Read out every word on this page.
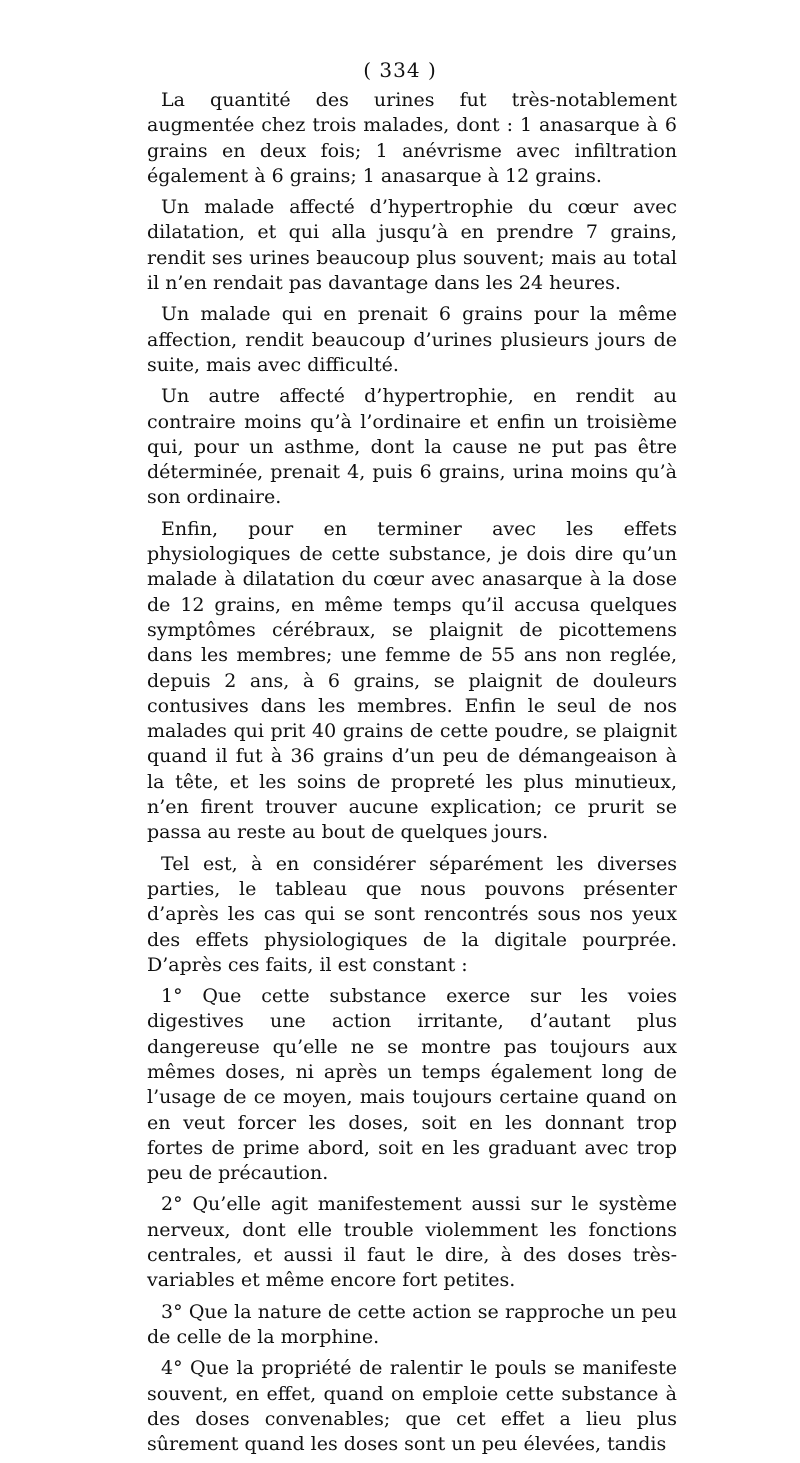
( 334 )

La quantité des urines fut très-notablement augmentée chez trois malades, dont : 1 anasarque à 6 grains en deux fois; 1 anévrisme avec infiltration également à 6 grains; 1 anasarque à 12 grains.

Un malade affecté d’hypertrophie du cœur avec dilatation, et qui alla jusqu’à en prendre 7 grains, rendit ses urines beaucoup plus souvent; mais au total il n’en rendait pas davantage dans les 24 heures.

Un malade qui en prenait 6 grains pour la même affection, rendit beaucoup d’urines plusieurs jours de suite, mais avec difficulté.

Un autre affecté d’hypertrophie, en rendit au contraire moins qu’à l’ordinaire et enfin un troisième qui, pour un asthme, dont la cause ne put pas être déterminée, prenait 4, puis 6 grains, urina moins qu’à son ordinaire.

Enfin, pour en terminer avec les effets physiologiques de cette substance, je dois dire qu’un malade à dilatation du cœur avec anasarque à la dose de 12 grains, en même temps qu’il accusa quelques symptômes cérébraux, se plaignit de picottemens dans les membres; une femme de 55 ans non reglée, depuis 2 ans, à 6 grains, se plaignit de douleurs contusives dans les membres. Enfin le seul de nos malades qui prit 40 grains de cette poudre, se plaignit quand il fut à 36 grains d’un peu de démangeaison à la tête, et les soins de propreté les plus minutieux, n’en firent trouver aucune explication; ce prurit se passa au reste au bout de quelques jours.

Tel est, à en considérer séparément les diverses parties, le tableau que nous pouvons présenter d’après les cas qui se sont rencontrés sous nos yeux des effets physiologiques de la digitale pourprée. D’après ces faits, il est constant :

1° Que cette substance exerce sur les voies digestives une action irritante, d’autant plus dangereuse qu’elle ne se montre pas toujours aux mêmes doses, ni après un temps également long de l’usage de ce moyen, mais toujours certaine quand on en veut forcer les doses, soit en les donnant trop fortes de prime abord, soit en les graduant avec trop peu de précaution.

2° Qu’elle agit manifestement aussi sur le système nerveux, dont elle trouble violemment les fonctions centrales, et aussi il faut le dire, à des doses très-variables et même encore fort petites.

3° Que la nature de cette action se rapproche un peu de celle de la morphine.

4° Que la propriété de ralentir le pouls se manifeste souvent, en effet, quand on emploie cette substance à des doses convenables; que cet effet a lieu plus sûrement quand les doses sont un peu élevées, tandis
